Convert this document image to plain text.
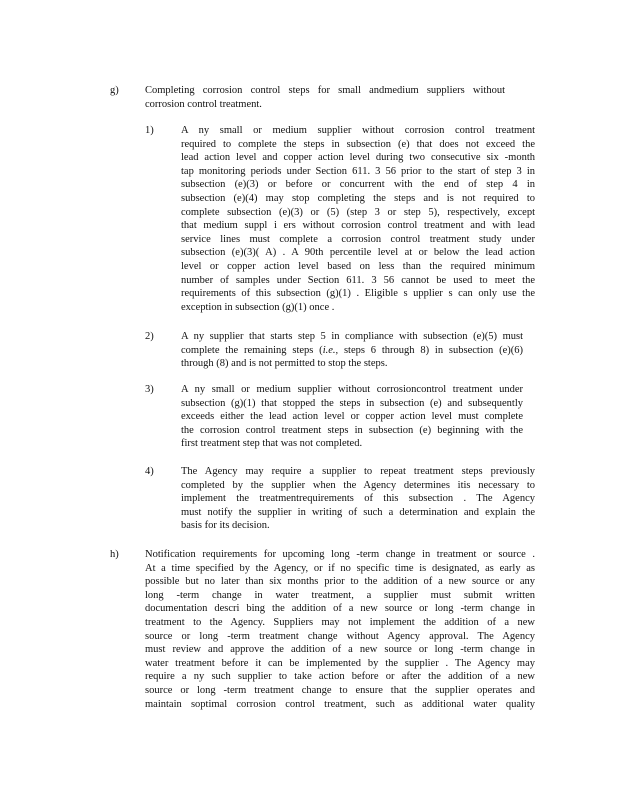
g)	Completing corrosion control steps for small andmedium suppliers without
corrosion control treatment.
1)	A ny small or medium supplier without corrosion control treatment
required to complete the steps in subsection (e) that does not exceed the
lead action level and copper action level during two consecutive six -month
tap monitoring periods under Section 611. 3 56 prior to the start of step 3 in
subsection (e)(3) or before or concurrent with the end of step 4 in
subsection (e)(4) may stop completing the steps and is not required to
complete subsection (e)(3) or (5) (step 3 or step 5), respectively, except
that medium suppl i ers without corrosion control treatment and with lead
service lines must complete a corrosion control treatment study under
subsection (e)(3)( A) . A 90th percentile level at or below the lead action
level or copper action level based on less than the required minimum
number of samples under Section 611. 3 56 cannot be used to meet the
requirements of this subsection (g)(1) . Eligible s upplier s can only use the
exception in subsection (g)(1) once .
2)	A ny supplier that starts step 5 in compliance with subsection (e)(5) must
complete the remaining steps (i.e., steps 6 through 8) in subsection (e)(6)
through (8) and is not permitted to stop the steps.
3)	A ny small or medium supplier without corrosioncontrol treatment under
subsection (g)(1) that stopped the steps in subsection (e) and subsequently
exceeds either the lead action level or copper action level must complete
the corrosion control treatment steps in subsection (e) beginning with the
first treatment step that was not completed.
4)	The Agency may require a supplier to repeat treatment steps previously
completed by the supplier when the Agency determines itis necessary to
implement the treatmentrequirements of this subsection . The Agency
must notify the supplier in writing of such a determination and explain the
basis for its decision.
h)	Notification requirements for upcoming long -term change in treatment or source .
At a time specified by the Agency, or if no specific time is designated, as early as
possible but no later than six months prior to the addition of a new source or any
long -term change in water treatment, a supplier must submit written
documentation descri bing the addition of a new source or long -term change in
treatment to the Agency. Suppliers may not implement the addition of a new
source or long -term treatment change without Agency approval. The Agency
must review and approve the addition of a new source or long -term change in
water treatment before it can be implemented by the supplier . The Agency may
require a ny such supplier to take action before or after the addition of a new
source or long -term treatment change to ensure that the supplier operates and
maintain soptimal corrosion control treatment, such as additional water quality
